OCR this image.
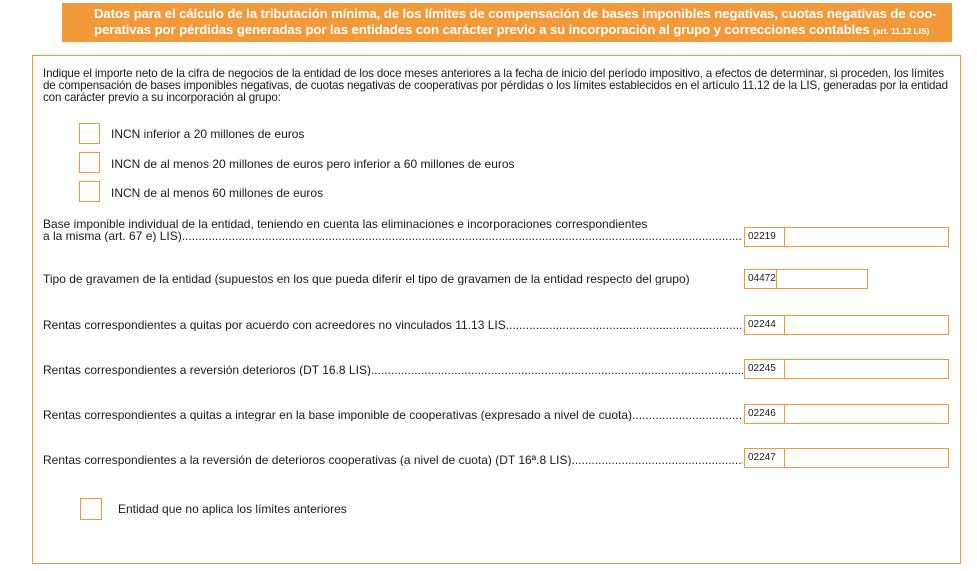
Datos para el cálculo de la tributación mínima, de los límites de compensación de bases imponibles negativas, cuotas negativas de coo-
perativas por pérdidas generadas por las entidades con carácter previo a su incorporación al grupo y correcciones contables (art. 11.12 LIS)
Indique el importe neto de la cifra de negocios de la entidad de los doce meses anteriores a la fecha de inicio del período impositivo, a efectos de determinar, si proceden, los límites de compensación de bases imponibles negativas, de cuotas negativas de cooperativas por pérdidas o los límites establecidos en el artículo 11.12 de la LIS, generadas por la entidad con carácter previo a su incorporación al grupo:
INCN inferior a 20 millones de euros
INCN de al menos 20 millones de euros pero inferior a 60 millones de euros
INCN de al menos 60 millones de euros
Base imponible individual de la entidad, teniendo en cuenta las eliminaciones e incorporaciones correspondientes
a la misma (art. 67 e) LIS) .....	02219
Tipo de gravamen de la entidad (supuestos en los que pueda diferir el tipo de gravamen de la entidad respecto del grupo)	04472
Rentas correspondientes a quitas por acuerdo con acreedores no vinculados 11.13 LIS .....	02244
Rentas correspondientes a reversión deterioros (DT 16.8 LIS) .....	02245
Rentas correspondientes a quitas a integrar en la base imponible de cooperativas (expresado a nivel de cuota) .....	02246
Rentas correspondientes a la reversión de deterioros cooperativas (a nivel de cuota) (DT 16ª.8 LIS) .....	02247
Entidad que no aplica los límites anteriores
